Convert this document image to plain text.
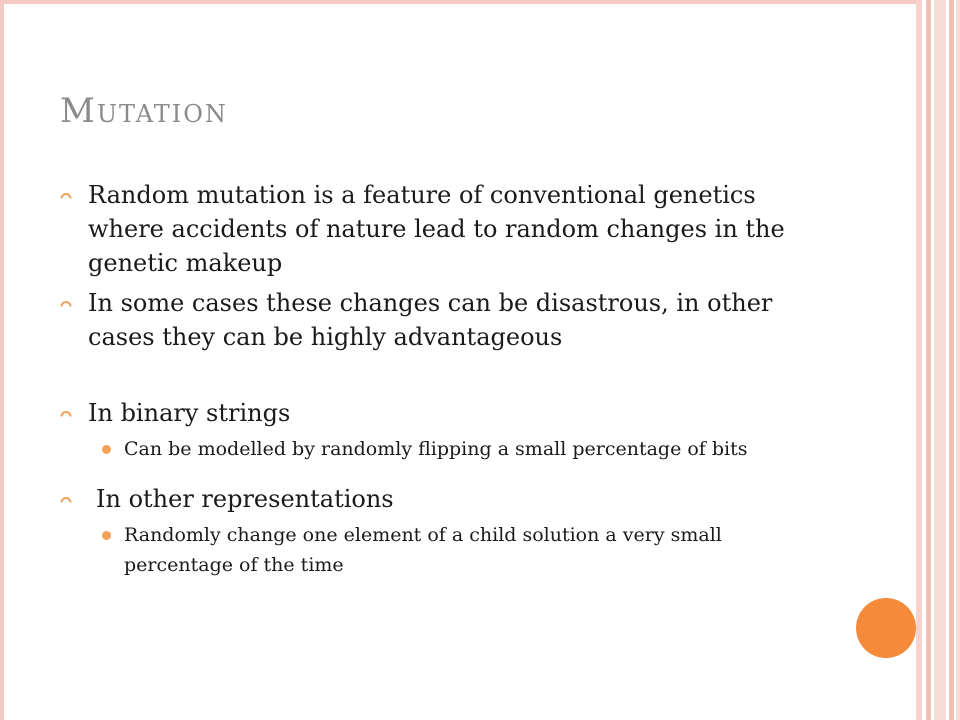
Mutation
Random mutation is a feature of conventional genetics where accidents of nature lead to random changes in the genetic makeup
In some cases these changes can be disastrous, in other cases they can be highly advantageous
In binary strings
Can be modelled by randomly flipping a small percentage of bits
In other representations
Randomly change one element of a child solution a very small percentage of the time
